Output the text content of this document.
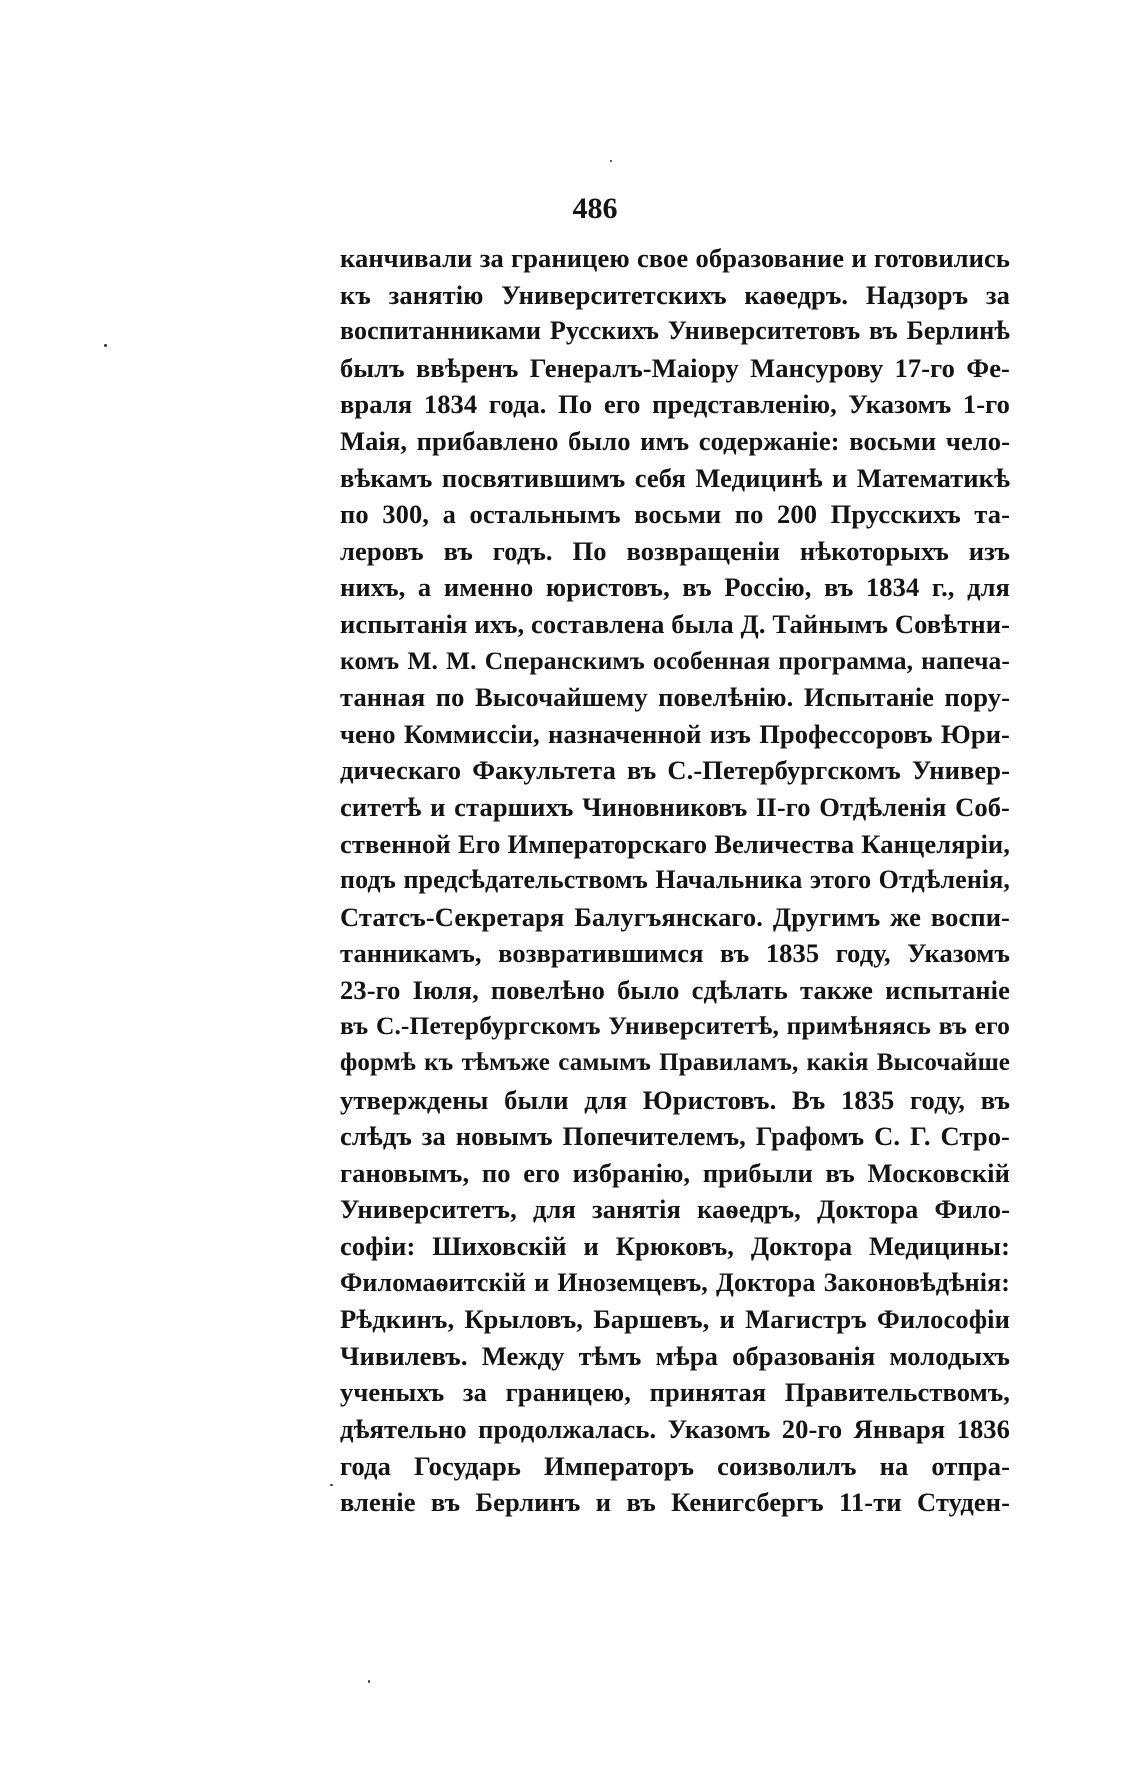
486
канчивали за границею свое образование и готовились
къ занятію Университетскихъ каѳедръ. Надзоръ за
воспитанниками Русскихъ Университетовъ въ Берлинѣ
былъ ввѣренъ Генералъ-Маіору Мансурову 17-го Фе-
враля 1834 года. По его представленію, Указомъ 1-го
Маія, прибавлено было имъ содержаніе: восьми чело-
вѣкамъ посвятившимъ себя Медицинѣ и Математикѣ
по 300, а остальнымъ восьми по 200 Прусскихъ та-
леровъ въ годъ. По возвращеніи нѣкоторыхъ изъ
нихъ, а именно юристовъ, въ Россію, въ 1834 г., для
испытанія ихъ, составлена была Д. Тайнымъ Совѣтни-
комъ М. М. Сперанскимъ особенная программа, напеча-
танная по Высочайшему повелѣнію. Испытаніе пору-
чено Коммиссіи, назначенной изъ Профессоровъ Юри-
дическаго Факультета въ С.-Петербургскомъ Универ-
ситетѣ и старшихъ Чиновниковъ II-го Отдѣленія Соб-
ственной Его Императорскаго Величества Канцеляріи,
подъ предсѣдательствомъ Начальника этого Отдѣленія,
Статсъ-Секретаря Балугъянскаго. Другимъ же воспи-
танникамъ, возвратившимся въ 1835 году, Указомъ
23-го Іюля, повелѣно было сдѣлать также испытаніе
въ С.-Петербургскомъ Университетѣ, примѣняясь въ его
формѣ къ тѣмъже самымъ Правиламъ, какія Высочайше
утверждены были для Юристовъ. Въ 1835 году, въ
слѣдъ за новымъ Попечителемъ, Графомъ С. Г. Стро-
гановымъ, по его избранію, прибыли въ Московскій
Университетъ, для занятія каѳедръ, Доктора Фило-
софіи: Шиховскій и Крюковъ, Доктора Медицины:
Филомаѳитскій и Иноземцевъ, Доктора Законовѣдѣнія:
Рѣдкинъ, Крыловъ, Баршевъ, и Магистръ Философіи
Чивилевъ. Между тѣмъ мѣра образованія молодыхъ
ученыхъ за границею, принятая Правительствомъ,
дѣятельно продолжалась. Указомъ 20-го Января 1836
года Государь Императоръ соизволилъ на отпра-
вленіе въ Берлинъ и въ Кенигсбергъ 11-ти Студен-
